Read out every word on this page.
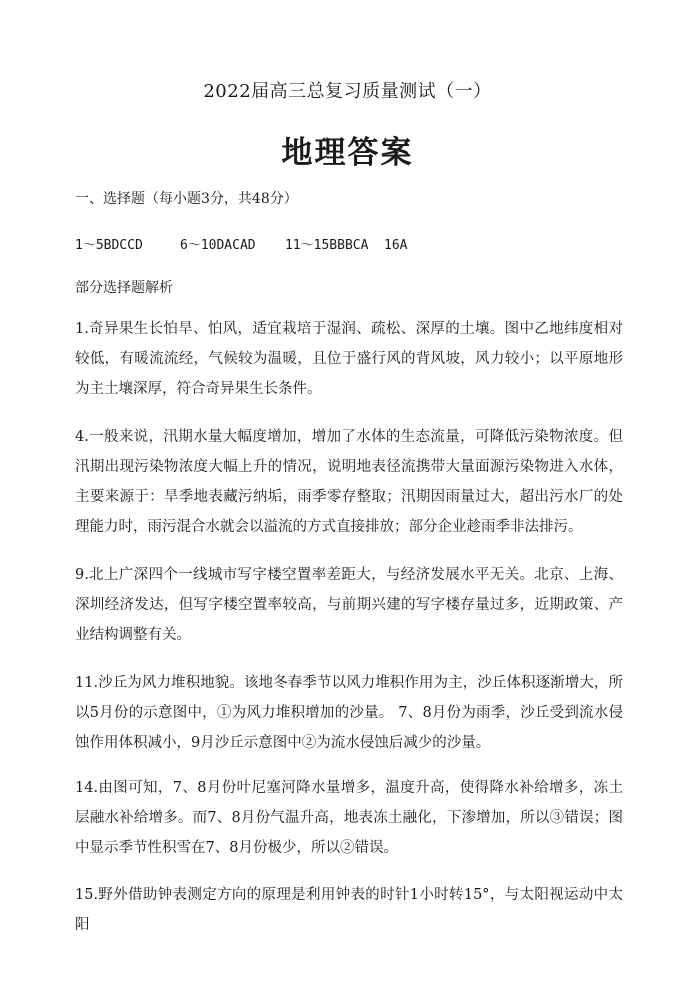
2022届高三总复习质量测试（一）
地理答案
一、选择题（每小题3分，共48分）
1～5BDCCD	6～10DACAD 11～15BBBCA 16A
部分选择题解析
1.奇异果生长怕旱、怕风，适宜栽培于湿润、疏松、深厚的土壤。图中乙地纬度相对较低，有暖流流经，气候较为温暖，且位于盛行风的背风坡，风力较小；以平原地形为主土壤深厚，符合奇异果生长条件。
4.一般来说，汛期水量大幅度增加，增加了水体的生态流量，可降低污染物浓度。但汛期出现污染物浓度大幅上升的情况，说明地表径流携带大量面源污染物进入水体，主要来源于：旱季地表藏污纳垢，雨季零存整取；汛期因雨量过大，超出污水厂的处理能力时，雨污混合水就会以溢流的方式直接排放；部分企业趁雨季非法排污。
9.北上广深四个一线城市写字楼空置率差距大，与经济发展水平无关。北京、上海、深圳经济发达，但写字楼空置率较高，与前期兴建的写字楼存量过多，近期政策、产业结构调整有关。
11.沙丘为风力堆积地貌。该地冬春季节以风力堆积作用为主，沙丘体积逐渐增大，所以5月份的示意图中，①为风力堆积增加的沙量。 7、8月份为雨季，沙丘受到流水侵蚀作用体积减小，9月沙丘示意图中②为流水侵蚀后减少的沙量。
14.由图可知，7、8月份叶尼塞河降水量增多，温度升高，使得降水补给增多，冻土层融水补给增多。而7、8月份气温升高，地表冻土融化，下渗增加，所以③错误；图中显示季节性积雪在7、8月份极少，所以②错误。
15.野外借助钟表测定方向的原理是利用钟表的时针1小时转15°，与太阳视运动中太阳
